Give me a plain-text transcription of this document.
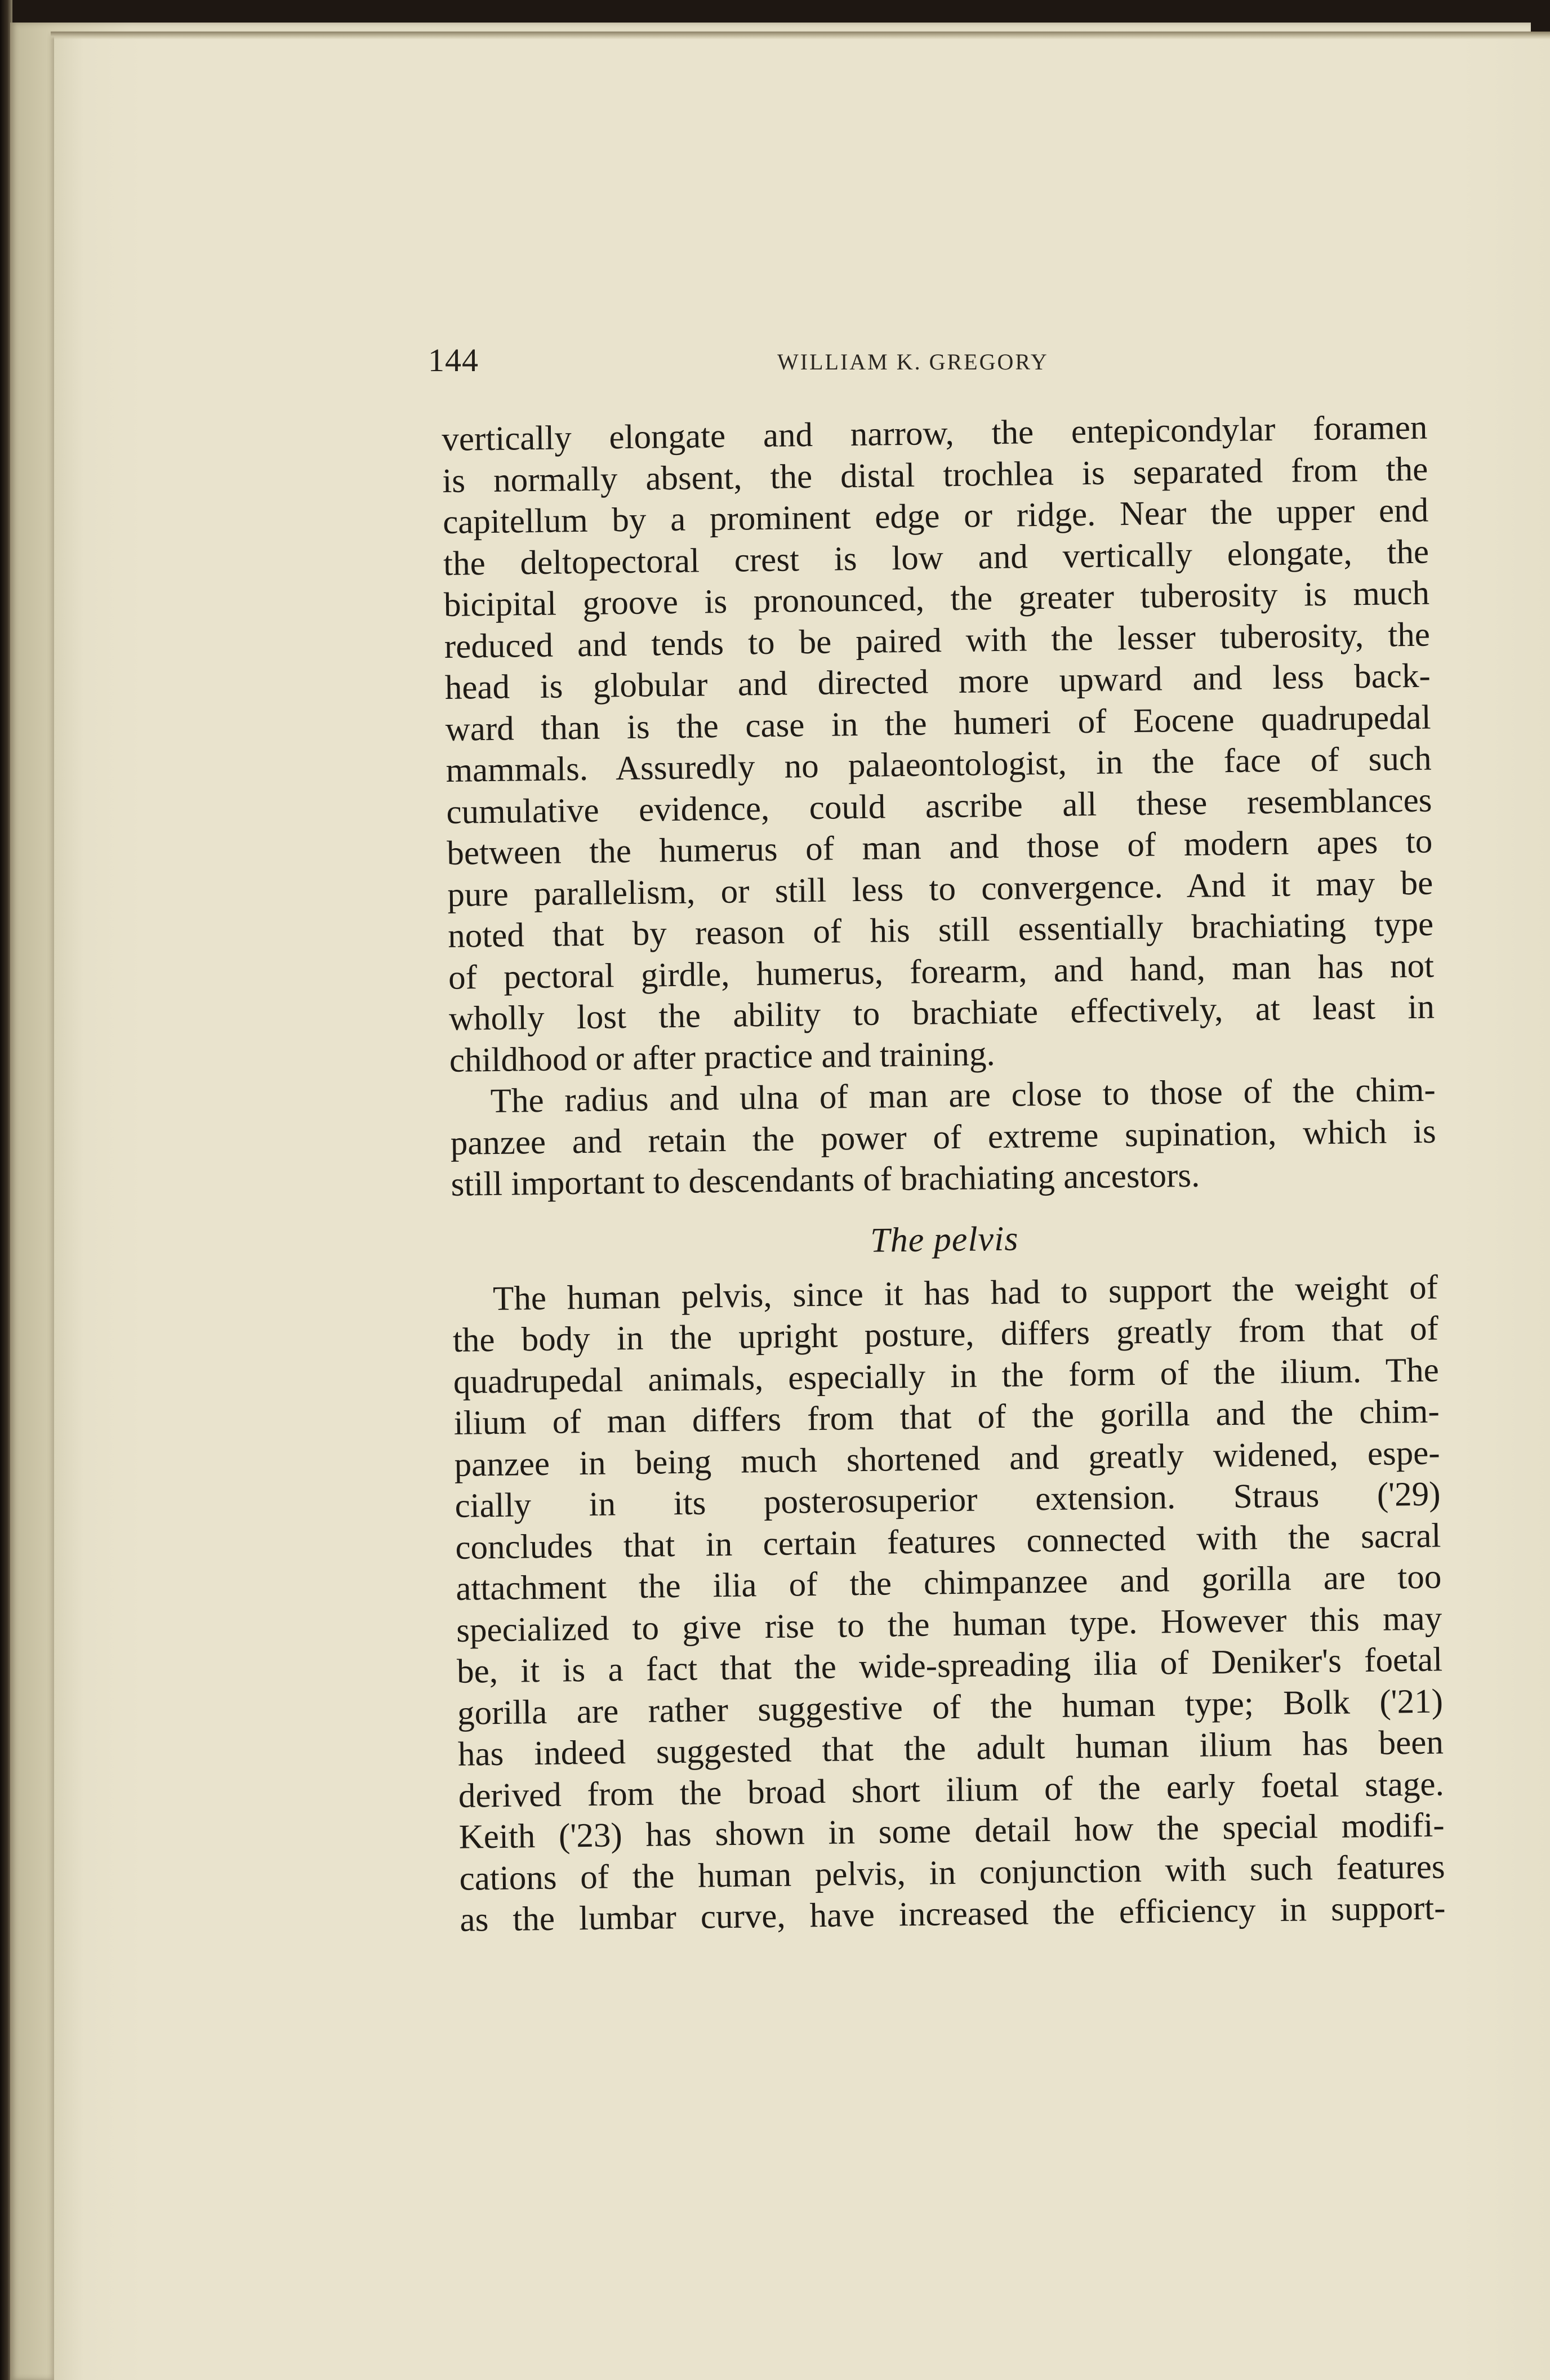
144	WILLIAM K. GREGORY
vertically elongate and narrow, the entepicondylar foramen
is normally absent, the distal trochlea is separated from the
capitellum by a prominent edge or ridge. Near the upper end
the deltopectoral crest is low and vertically elongate, the
bicipital groove is pronounced, the greater tuberosity is much
reduced and tends to be paired with the lesser tuberosity, the
head is globular and directed more upward and less back-
ward than is the case in the humeri of Eocene quadrupedal
mammals. Assuredly no palaeontologist, in the face of such
cumulative evidence, could ascribe all these resemblances
between the humerus of man and those of modern apes to
pure parallelism, or still less to convergence. And it may be
noted that by reason of his still essentially brachiating type
of pectoral girdle, humerus, forearm, and hand, man has not
wholly lost the ability to brachiate effectively, at least in
childhood or after practice and training.
The radius and ulna of man are close to those of the chim-
panzee and retain the power of extreme supination, which is
still important to descendants of brachiating ancestors.
The pelvis
The human pelvis, since it has had to support the weight of
the body in the upright posture, differs greatly from that of
quadrupedal animals, especially in the form of the ilium. The
ilium of man differs from that of the gorilla and the chim-
panzee in being much shortened and greatly widened, espe-
cially in its posterosuperior extension. Straus ('29)
concludes that in certain features connected with the sacral
attachment the ilia of the chimpanzee and gorilla are too
specialized to give rise to the human type. However this may
be, it is a fact that the wide-spreading ilia of Deniker's foetal
gorilla are rather suggestive of the human type; Bolk ('21)
has indeed suggested that the adult human ilium has been
derived from the broad short ilium of the early foetal stage.
Keith ('23) has shown in some detail how the special modifi-
cations of the human pelvis, in conjunction with such features
as the lumbar curve, have increased the efficiency in support-
